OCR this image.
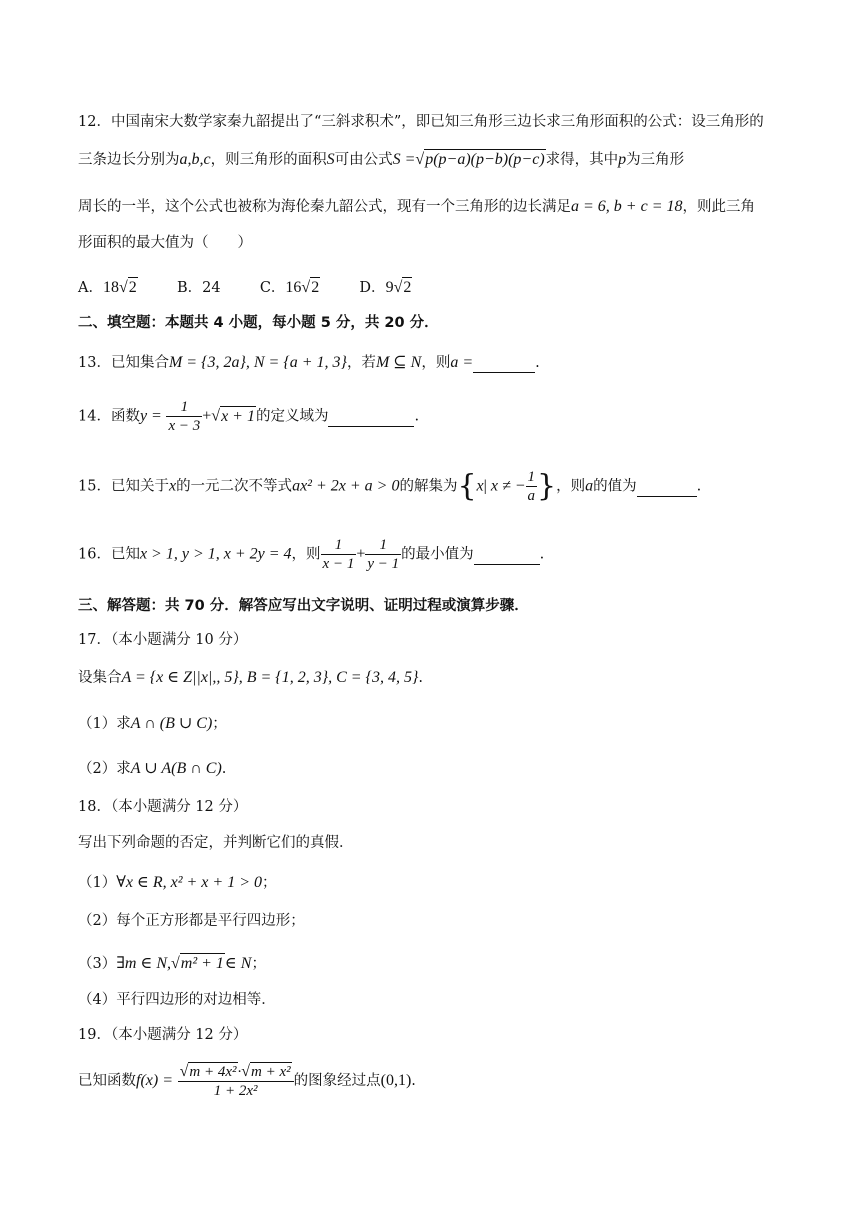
12．中国南宋大数学家秦九韶提出了“三斜求积术”，即已知三角形三边长求三角形面积的公式：设三角形的
三条边长分别为a,b,c，则三角形的面积S可由公式S =√p(p−a)(p−b)(p−c)求得，其中p为三角形
周长的一半，这个公式也被称为海伦秦九韶公式，现有一个三角形的边长满足a = 6, b + c = 18，则此三角
形面积的最大值为（　　）
A．18√2	B．24	C．16√2	D．9√2
二、填空题：本题共 4 小题，每小题 5 分，共 20 分．
13．已知集合M = {3, 2a}, N = {a + 1, 3}，若M ⊆ N，则a =	.
14．函数$y = \frac{1}{x - 3} +√x + 1$的定义域为	.
15．已知关于x的一元二次不等式ax² + 2x + a > 0的解集为{x| x ≠ − $\frac{1}{a}$ }，则a的值为	.
16．已知x > 1, y > 1, x + 2y = 4，则 $\frac{1}{x - 1} + \frac{1}{y - 1}$ 的最小值为	.
三、解答题：共 70 分．解答应写出文字说明、证明过程或演算步骤．
17．（本小题满分 10 分）
设集合A = {x ∈ Z||x|,, 5}, B = {1, 2, 3}, C = {3, 4, 5}.
（1）求A ∩ (B ∪ C)；
（2）求A ∪ A(B ∩ C).
18．（本小题满分 12 分）
写出下列命题的否定，并判断它们的真假．
（1）∀x ∈ R, x² + x + 1 > 0；
（2）每个正方形都是平行四边形；
（3）∃m ∈ N,√m² + 1∈ N；
（4）平行四边形的对边相等．
19．（本小题满分 12 分）
已知函数$f(x) = \frac{\text{√m + 4x²·√m + x²}}{\text{1 + 2x²}}$ 的图象经过点(0,1).
